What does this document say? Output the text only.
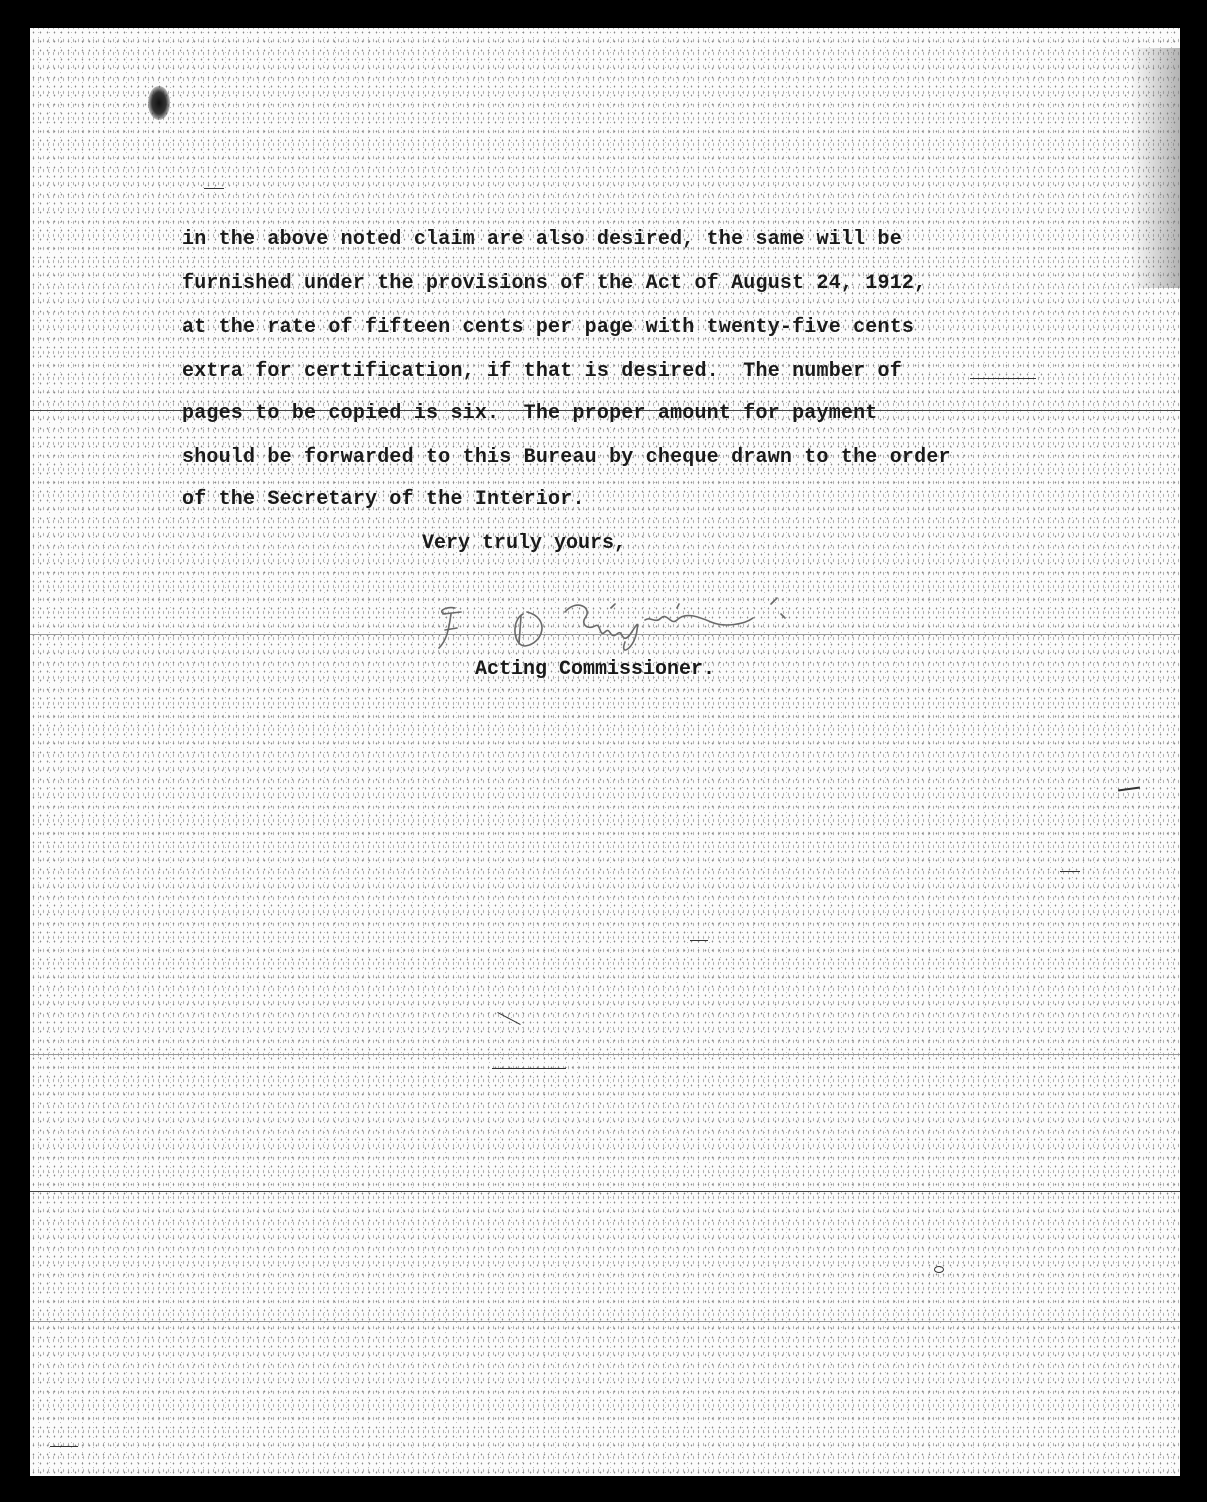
in the above noted claim are also desired, the same will be
furnished under the provisions of the Act of August 24, 1912,
at the rate of fifteen cents per page with twenty-five cents
extra for certification, if that is desired.  The number of
pages to be copied is six.  The proper amount for payment
should be forwarded to this Bureau by cheque drawn to the order
of the Secretary of the Interior.
Very truly yours,
Acting Commissioner.
